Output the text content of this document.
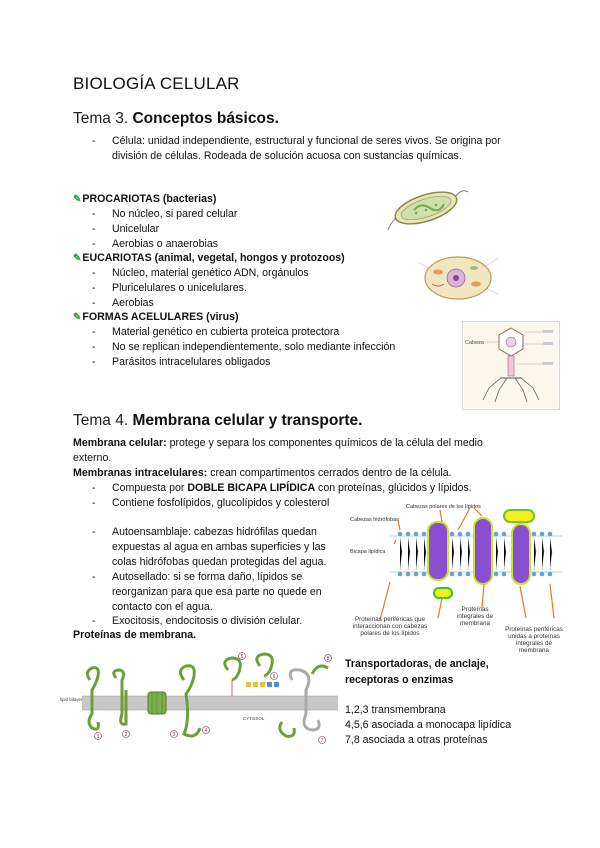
BIOLOGÍA CELULAR
Tema 3. Conceptos básicos.
- Célula: unidad independiente, estructural y funcional de seres vivos. Se origina por
división de células. Rodeada de solución acuosa con sustancias químicas.
✎PROCARIOTAS (bacterias)
- No núcleo, si pared celular
- Unicelular
- Aerobias o anaerobias
✎EUCARIOTAS (animal, vegetal, hongos y protozoos)
- Núcleo, material genético ADN, orgánulos
- Pluricelulares o unicelulares.
- Aerobias
✎FORMAS ACELULARES (virus)
- Material genético en cubierta proteica protectora
- No se replican independientemente, solo mediante infección
- Parásitos intracelulares obligados
Cabeza
Tema 4. Membrana celular y transporte.
Membrana celular: protege y separa los componentes químicos de la célula del medio
externo.
Membranas intracelulares: crean compartimentos cerrados dentro de la célula.
- Compuesta por DOBLE BICAPA LIPÍDICA con proteínas, glúcidos y lípidos.
- Contiene fosfolípidos, glucolípidos y colesterol
- Autoensamblaje: cabezas hidrófilas quedan
expuestas al agua en ambas superficies y las
colas hidrófobas quedan protegidas del agua.
- Autosellado: si se forma daño, lípidos se
reorganizan para que esa parte no quede en
contacto con el agua.
- Exocitosis, endocitosis o división celular.
Proteínas de membrana.
Cabezas polares de los lípidos
Cabezas hidrófobas
Bicapa lipídica
Proteínas periféricas que interaccionan con cabezas polares de los lípidos
Proteínas integrales de membrana
Proteínas periféricas unidas a proteínas integrales de membrana
lipid bilayer
CYTOSOL
1	2	3
4
5
6
7
8 Transportadoras, de anclaje,
receptoras o enzimas
1,2,3 transmembrana
4,5,6 asociada a monocapa lipídica
7,8 asociada a otras proteínas
